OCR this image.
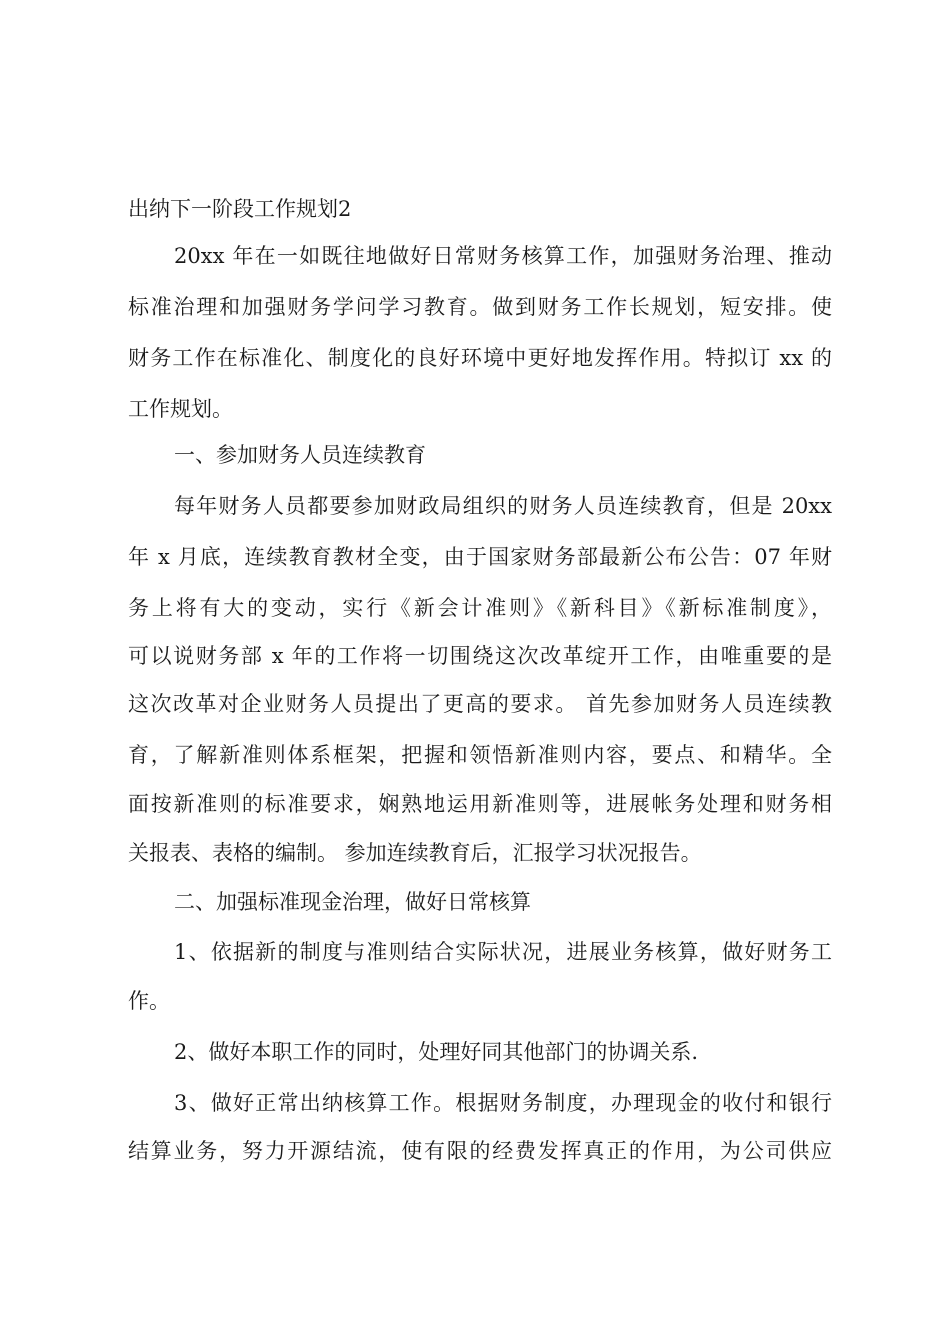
出纳下一阶段工作规划2
20xx 年在一如既往地做好日常财务核算工作，加强财务治理、推动
标准治理和加强财务学问学习教育。做到财务工作长规划，短安排。使
财务工作在标准化、制度化的良好环境中更好地发挥作用。特拟订 xx 的
工作规划。
一、参加财务人员连续教育
每年财务人员都要参加财政局组织的财务人员连续教育，但是 20xx
年 x 月底，连续教育教材全变，由于国家财务部最新公布公告：07 年财
务上将有大的变动，实行《新会计准则》《新科目》《新标准制度》，
可以说财务部 x 年的工作将一切围绕这次改革绽开工作，由唯重要的是
这次改革对企业财务人员提出了更高的要求。 首先参加财务人员连续教
育，了解新准则体系框架，把握和领悟新准则内容，要点、和精华。全
面按新准则的标准要求，娴熟地运用新准则等，进展帐务处理和财务相
关报表、表格的编制。 参加连续教育后，汇报学习状况报告。
二、加强标准现金治理，做好日常核算
1、依据新的制度与准则结合实际状况，进展业务核算，做好财务工
作。
2、做好本职工作的同时，处理好同其他部门的协调关系.
3、做好正常出纳核算工作。根据财务制度，办理现金的收付和银行
结算业务，努力开源结流，使有限的经费发挥真正的作用，为公司供应
